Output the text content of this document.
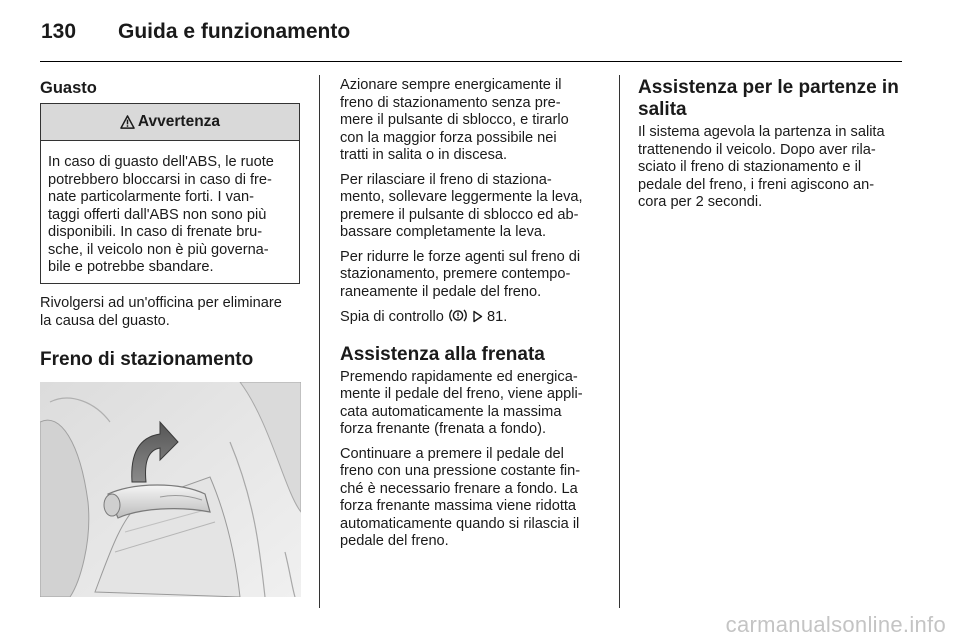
130 Guida e funzionamento
Guasto
Avvertenza
In caso di guasto dell'ABS, le ruote
potrebbero bloccarsi in caso di fre-
nate particolarmente forti. I van-
taggi offerti dall'ABS non sono più
disponibili. In caso di frenate bru-
sche, il veicolo non è più governa-
bile e potrebbe sbandare.
Rivolgersi ad un'officina per eliminare
la causa del guasto.
Freno di stazionamento
Azionare sempre energicamente il
freno di stazionamento senza pre-
mere il pulsante di sblocco, e tirarlo
con la maggior forza possibile nei
tratti in salita o in discesa.
Per rilasciare il freno di staziona-
mento, sollevare leggermente la leva,
premere il pulsante di sblocco ed ab-
bassare completamente la leva.
Per ridurre le forze agenti sul freno di
stazionamento, premere contempo-
raneamente il pedale del freno.
Spia di controllo	81.
Assistenza alla frenata
Premendo rapidamente ed energica-
mente il pedale del freno, viene appli-
cata automaticamente la massima
forza frenante (frenata a fondo).
Continuare a premere il pedale del
freno con una pressione costante fin-
ché è necessario frenare a fondo. La
forza frenante massima viene ridotta
automaticamente quando si rilascia il
pedale del freno.
Assistenza per le partenze in
salita
Il sistema agevola la partenza in salita
trattenendo il veicolo. Dopo aver rila-
sciato il freno di stazionamento e il
pedale del freno, i freni agiscono an-
cora per 2 secondi.
carmanualsonline.info
